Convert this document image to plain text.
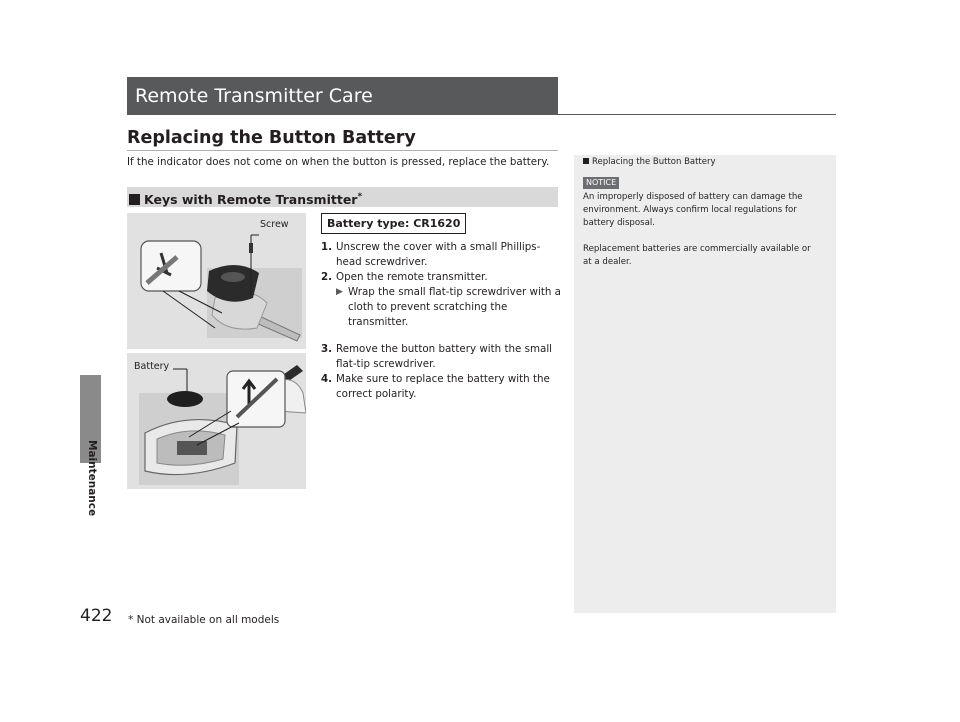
Maintenance
422 * Not available on all models
Remote Transmitter Care
Replacing the Button Battery
If the indicator does not come on when the button is pressed, replace the battery.
Keys with Remote Transmitter*
Screw
Battery
Battery type: CR1620
1. Unscrew the cover with a small Phillips-
head screwdriver.
2. Open the remote transmitter.
▶ Wrap the small flat-tip screwdriver with a
cloth to prevent scratching the
transmitter.
3. Remove the button battery with the small
flat-tip screwdriver.
4. Make sure to replace the battery with the
correct polarity.
Replacing the Button Battery
NOTICE

An improperly disposed of battery can damage the
environment. Always confirm local regulations for
battery disposal.

Replacement batteries are commercially available or
at a dealer.
